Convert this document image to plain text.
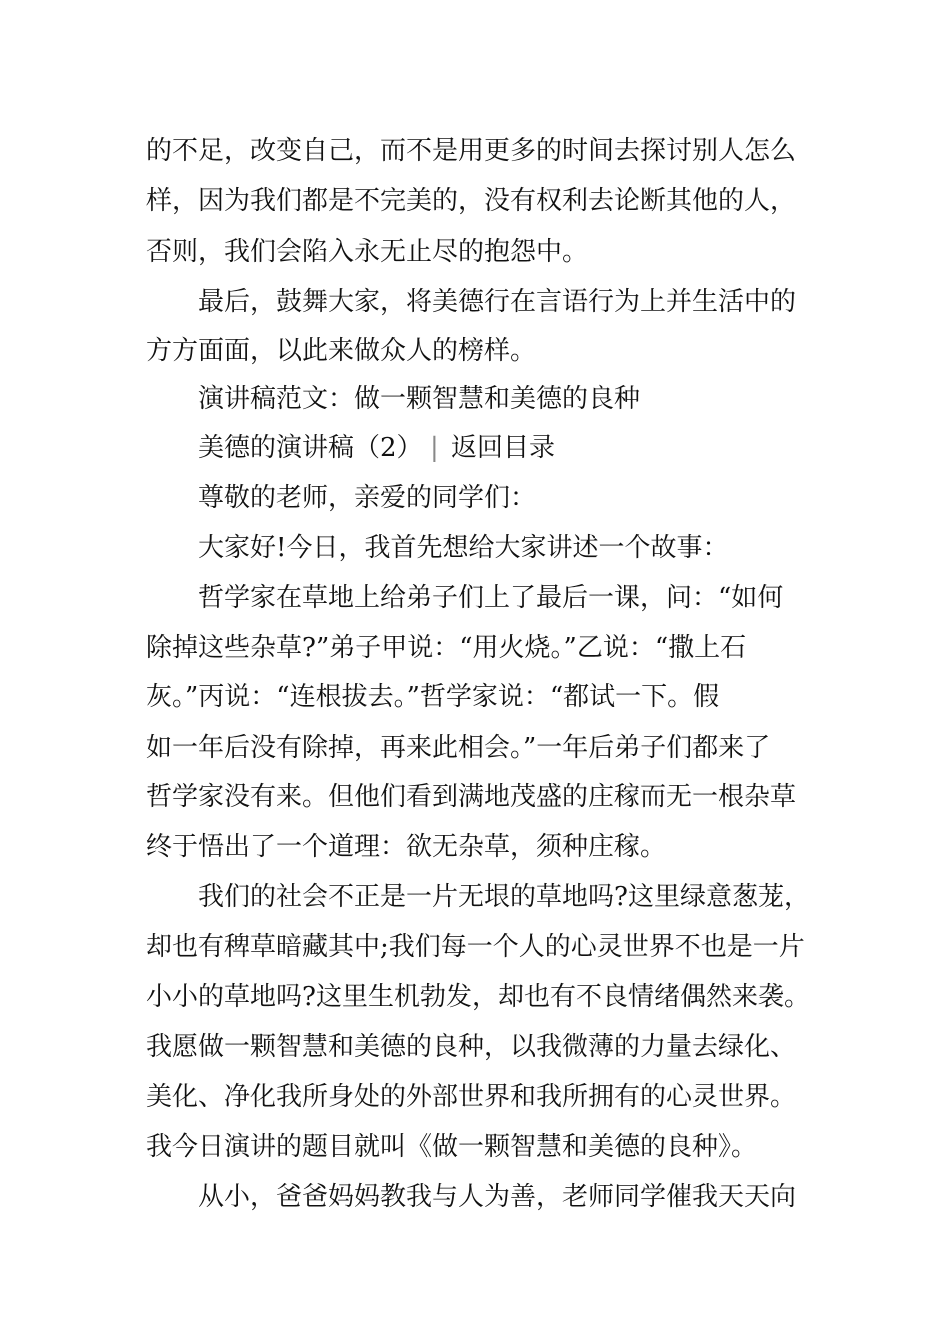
的不足，改变自己，而不是用更多的时间去探讨别人怎么
样，因为我们都是不完美的，没有权利去论断其他的人，
否则，我们会陷入永无止尽的抱怨中。
最后，鼓舞大家，将美德行在言语行为上并生活中的
方方面面，以此来做众人的榜样。
演讲稿范文：做一颗智慧和美德的良种
美德的演讲稿（2） | 返回目录
尊敬的老师，亲爱的同学们：
大家好!今日，我首先想给大家讲述一个故事：
哲学家在草地上给弟子们上了最后一课，问：“如何
除掉这些杂草?”弟子甲说：“用火烧。”乙说：“撒上石
灰。”丙说：“连根拔去。”哲学家说：“都试一下。假
如一年后没有除掉，再来此相会。”一年后弟子们都来了
哲学家没有来。但他们看到满地茂盛的庄稼而无一根杂草
终于悟出了一个道理：欲无杂草，须种庄稼。
我们的社会不正是一片无垠的草地吗?这里绿意葱茏，
却也有稗草暗藏其中;我们每一个人的心灵世界不也是一片
小小的草地吗?这里生机勃发，却也有不良情绪偶然来袭。
我愿做一颗智慧和美德的良种，以我微薄的力量去绿化、
美化、净化我所身处的外部世界和我所拥有的心灵世界。
我今日演讲的题目就叫《做一颗智慧和美德的良种》。
从小，爸爸妈妈教我与人为善，老师同学催我天天向
